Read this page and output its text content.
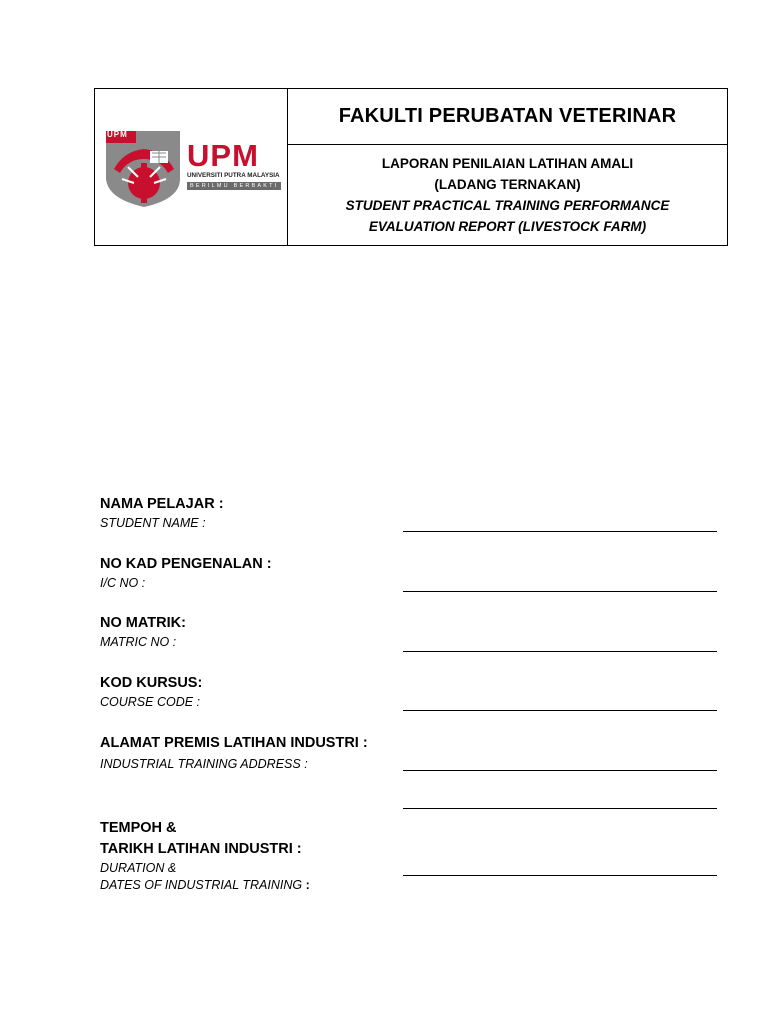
UPM
UPM
UNIVERSITI PUTRA MALAYSIA
BERILMU BERBAKTI
FAKULTI PERUBATAN VETERINAR
LAPORAN PENILAIAN LATIHAN AMALI
(LADANG TERNAKAN)
STUDENT PRACTICAL TRAINING PERFORMANCE
EVALUATION REPORT (LIVESTOCK FARM)
NAMA PELAJAR :
STUDENT NAME :
NO KAD PENGENALAN :
I/C NO :
NO MATRIK:
MATRIC NO :
KOD KURSUS:
COURSE CODE :
ALAMAT PREMIS LATIHAN INDUSTRI :
INDUSTRIAL TRAINING ADDRESS :
TEMPOH &
TARIKH LATIHAN INDUSTRI :
DURATION &
DATES OF INDUSTRIAL TRAINING :
